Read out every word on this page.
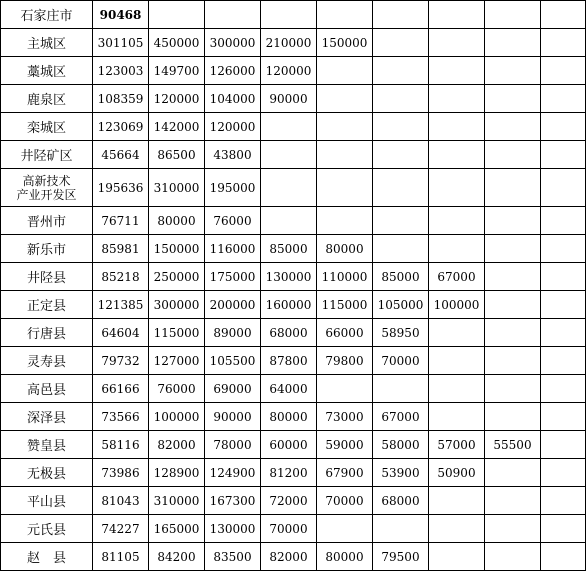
石家庄市	90468								
主城区	301105	450000	300000	210000	150000				
藁城区	123003	149700	126000	120000					
鹿泉区	108359	120000	104000	90000					
栾城区	123069	142000	120000						
井陉矿区	45664	86500	43800						
高新技术
产业开发区	195636	310000	195000						
晋州市	76711	80000	76000						
新乐市	85981	150000	116000	85000	80000				
井陉县	85218	250000	175000	130000	110000	85000	67000		
正定县	121385	300000	200000	160000	115000	105000	100000		
行唐县	64604	115000	89000	68000	66000	58950			
灵寿县	79732	127000	105500	87800	79800	70000			
高邑县	66166	76000	69000	64000					
深泽县	73566	100000	90000	80000	73000	67000			
赞皇县	58116	82000	78000	60000	59000	58000	57000	55500	
无极县	73986	128900	124900	81200	67900	53900	50900		
平山县	81043	310000	167300	72000	70000	68000			
元氏县	74227	165000	130000	70000					
赵　县	81105	84200	83500	82000	80000	79500			
